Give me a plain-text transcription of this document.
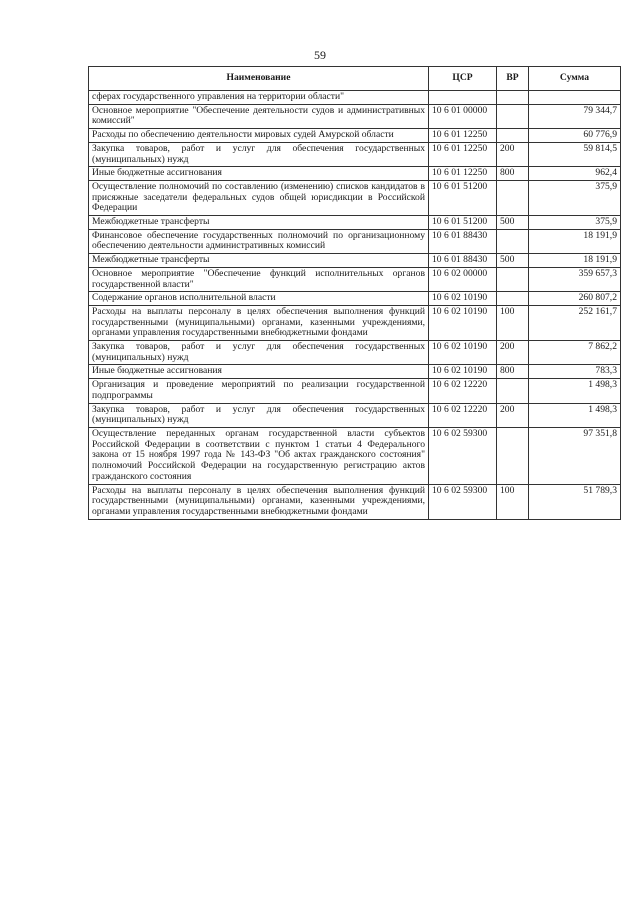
59
Наименование	ЦСР	ВР	Сумма
сферах государственного управления на территории области"			
Основное мероприятие "Обеспечение деятельности судов и административных комиссий"	10 6 01 00000		79 344,7
Расходы по обеспечению деятельности мировых судей Амурской области	10 6 01 12250		60 776,9
Закупка товаров, работ и услуг для обеспечения государственных (муниципальных) нужд	10 6 01 12250	200	59 814,5
Иные бюджетные ассигнования	10 6 01 12250	800	962,4
Осуществление полномочий по составлению (изменению) списков кандидатов в присяжные заседатели федеральных судов общей юрисдикции в Российской Федерации	10 6 01 51200		375,9
Межбюджетные трансферты	10 6 01 51200	500	375,9
Финансовое обеспечение государственных полномочий по организационному обеспечению деятельности административных комиссий	10 6 01 88430		18 191,9
Межбюджетные трансферты	10 6 01 88430	500	18 191,9
Основное мероприятие "Обеспечение функций исполнительных органов государственной власти"	10 6 02 00000		359 657,3
Содержание органов исполнительной власти	10 6 02 10190		260 807,2
Расходы на выплаты персоналу в целях обеспечения выполнения функций государственными (муниципальными) органами, казенными учреждениями, органами управления государственными внебюджетными фондами	10 6 02 10190	100	252 161,7
Закупка товаров, работ и услуг для обеспечения государственных (муниципальных) нужд	10 6 02 10190	200	7 862,2
Иные бюджетные ассигнования	10 6 02 10190	800	783,3
Организация и проведение мероприятий по реализации государственной подпрограммы	10 6 02 12220		1 498,3
Закупка товаров, работ и услуг для обеспечения государственных (муниципальных) нужд	10 6 02 12220	200	1 498,3
Осуществление переданных органам государственной власти субъектов Российской Федерации в соответствии с пунктом 1 статьи 4 Федерального закона от 15 ноября 1997 года № 143-ФЗ "Об актах гражданского состояния" полномочий Российской Федерации на государственную регистрацию актов гражданского состояния	10 6 02 59300		97 351,8
Расходы на выплаты персоналу в целях обеспечения выполнения функций государственными (муниципальными) органами, казенными учреждениями, органами управления государственными внебюджетными фондами	10 6 02 59300	100	51 789,3
